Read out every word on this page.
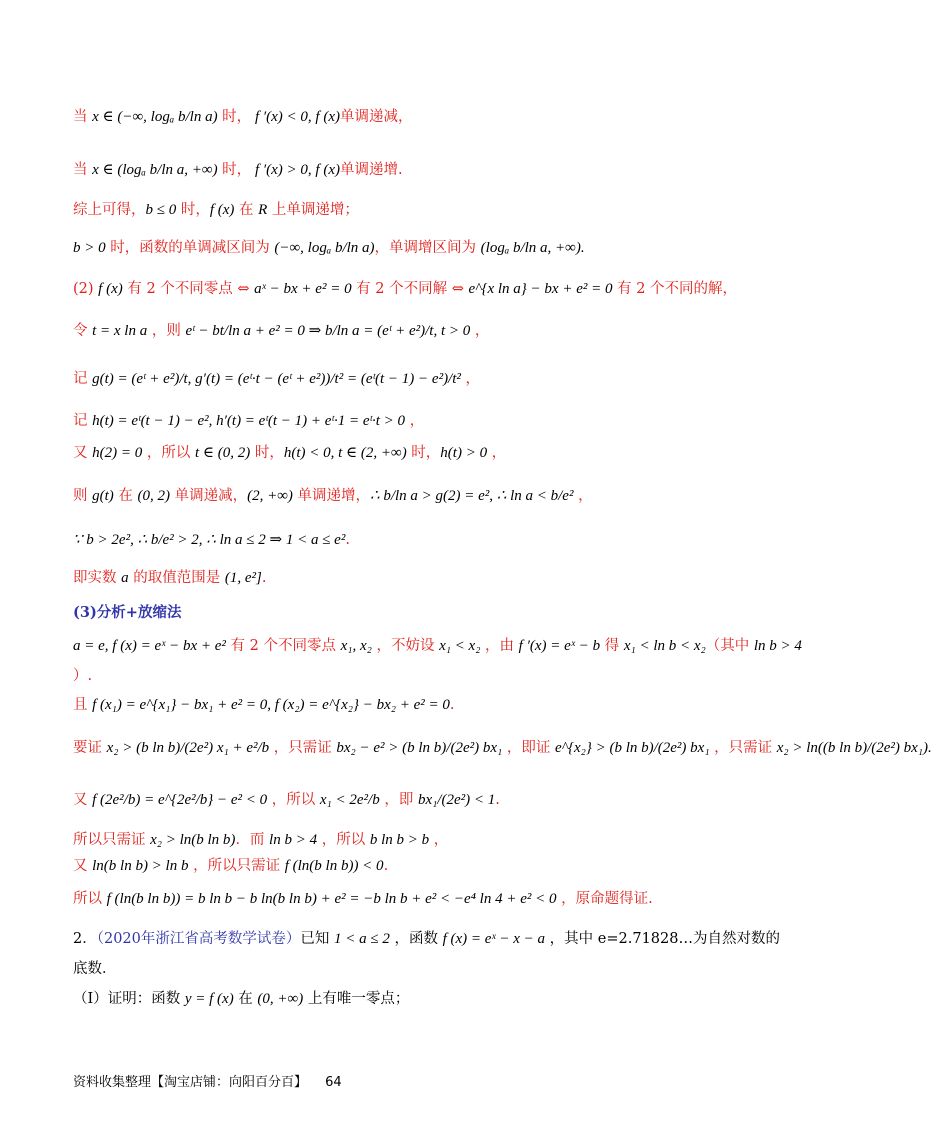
当 x ∈ (−∞, logₐ b/ln a) 时， f ′(x) < 0, f (x)单调递减，
当 x ∈ (logₐ b/ln a, +∞) 时， f ′(x) > 0, f (x)单调递增.
综上可得，b ≤ 0 时，f (x) 在 R 上单调递增；
b > 0 时，函数的单调减区间为 (−∞, logₐ b/ln a)，单调增区间为 (logₐ b/ln a, +∞).
(2) f (x) 有 2 个不同零点 ⇔ aˣ − bx + e² = 0 有 2 个不同解 ⇔ e^{x ln a} − bx + e² = 0 有 2 个不同的解，
令 t = x ln a ，则 eᵗ − bt/ln a + e² = 0 ⇒ b/ln a = (eᵗ + e²)/t, t > 0 ，
记 g(t) = (eᵗ + e²)/t, g′(t) = (eᵗ·t − (eᵗ + e²))/t² = (eᵗ(t − 1) − e²)/t² ，
记 h(t) = eᵗ(t − 1) − e², h′(t) = eᵗ(t − 1) + eᵗ·1 = eᵗ·t > 0 ，
又 h(2) = 0 ，所以 t ∈ (0, 2) 时，h(t) < 0, t ∈ (2, +∞) 时，h(t) > 0 ，
则 g(t) 在 (0, 2) 单调递减，(2, +∞) 单调递增，∴ b/ln a > g(2) = e², ∴ ln a < b/e² ，
∵ b > 2e², ∴ b/e² > 2, ∴ ln a ≤ 2 ⇒ 1 < a ≤ e².
即实数 a 的取值范围是 (1, e²].
(3)分析+放缩法
a = e, f (x) = eˣ − bx + e² 有 2 个不同零点 x₁, x₂ ，不妨设 x₁ < x₂ ，由 f ′(x) = eˣ − b 得 x₁ < ln b < x₂（其中 ln b > 4
）.
且 f (x₁) = e^{x₁} − bx₁ + e² = 0, f (x₂) = e^{x₂} − bx₂ + e² = 0.
要证 x₂ > (b ln b)/(2e²) x₁ + e²/b ，只需证 bx₂ − e² > (b ln b)/(2e²) bx₁ ，即证 e^{x₂} > (b ln b)/(2e²) bx₁ ，只需证 x₂ > ln((b ln b)/(2e²) bx₁).
又 f (2e²/b) = e^{2e²/b} − e² < 0 ，所以 x₁ < 2e²/b ，即 bx₁/(2e²) < 1.
所以只需证 x₂ > ln(b ln b)．而 ln b > 4 ，所以 b ln b > b ，
又 ln(b ln b) > ln b ，所以只需证 f (ln(b ln b)) < 0.
所以 f (ln(b ln b)) = b ln b − b ln(b ln b) + e² = −b ln b + e² < −e⁴ ln 4 + e² < 0 ，原命题得证.
2．（2020年浙江省高考数学试卷）已知 1 < a ≤ 2 ，函数 f (x) = eˣ − x − a ，其中 e=2.71828…为自然对数的
底数．
（Ⅰ）证明：函数 y = f (x) 在 (0, +∞) 上有唯一零点；
资料收集整理【淘宝店铺：向阳百分百】 64
